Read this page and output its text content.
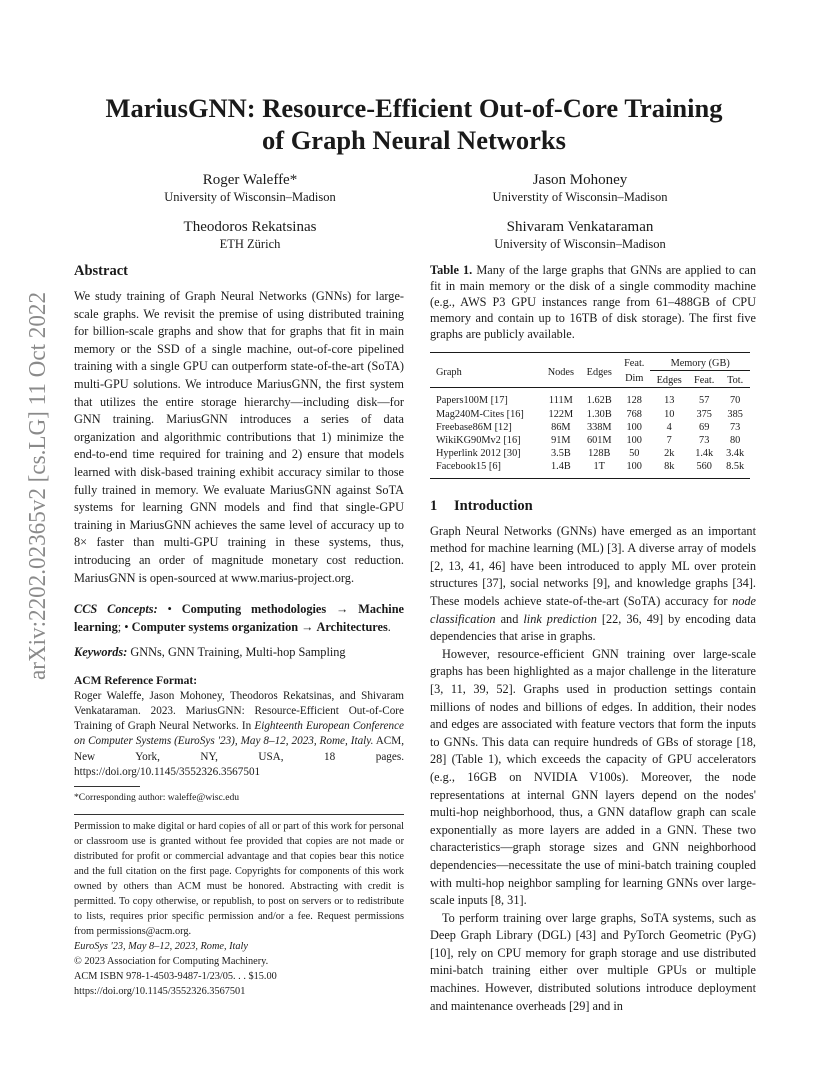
arXiv:2202.02365v2 [cs.LG] 11 Oct 2022
MariusGNN: Resource-Efficient Out-of-Core Training
of Graph Neural Networks
Roger Waleffe*
University of Wisconsin–Madison
Jason Mohoney
Universtity of Wisconsin–Madison
Theodoros Rekatsinas
ETH Zürich
Shivaram Venkataraman
University of Wisconsin–Madison
Abstract

We study training of Graph Neural Networks (GNNs) for large-scale graphs. We revisit the premise of using distributed training for billion-scale graphs and show that for graphs that fit in main memory or the SSD of a single machine, out-of-core pipelined training with a single GPU can outperform state-of-the-art (SoTA) multi-GPU solutions. We introduce MariusGNN, the first system that utilizes the entire storage hierarchy—including disk—for GNN training. MariusGNN introduces a series of data organization and algorithmic contributions that 1) minimize the end-to-end time required for training and 2) ensure that models learned with disk-based training exhibit accuracy similar to those fully trained in memory. We evaluate MariusGNN against SoTA systems for learning GNN models and find that single-GPU training in MariusGNN achieves the same level of accuracy up to 8× faster than multi-GPU training in these systems, thus, introducing an order of magnitude monetary cost reduction. MariusGNN is open-sourced at www.marius-project.org.

CCS Concepts: • Computing methodologies → Machine learning; • Computer systems organization → Architectures.
Keywords: GNNs, GNN Training, Multi-hop Sampling
ACM Reference Format:

Roger Waleffe, Jason Mohoney, Theodoros Rekatsinas, and Shivaram Venkataraman. 2023. MariusGNN: Resource-Efficient Out-of-Core Training of Graph Neural Networks. In Eighteenth European Conference on Computer Systems (EuroSys '23), May 8–12, 2023, Rome, Italy. ACM, New York, NY, USA, 18 pages. https://doi.org/10.1145/3552326.3567501

*Corresponding author: waleffe@wisc.edu
Permission to make digital or hard copies of all or part of this work for personal or classroom use is granted without fee provided that copies are not made or distributed for profit or commercial advantage and that copies bear this notice and the full citation on the first page. Copyrights for components of this work owned by others than ACM must be honored. Abstracting with credit is permitted. To copy otherwise, or republish, to post on servers or to redistribute to lists, requires prior specific permission and/or a fee. Request permissions from permissions@acm.org.
EuroSys '23, May 8–12, 2023, Rome, Italy
© 2023 Association for Computing Machinery.
ACM ISBN 978-1-4503-9487-1/23/05. . . $15.00
https://doi.org/10.1145/3552326.3567501

Table 1. Many of the large graphs that GNNs are applied to can fit in main memory or the disk of a single commodity machine (e.g., AWS P3 GPU instances range from 61–488GB of CPU memory and contain up to 16TB of disk storage). The first five graphs are publicly available.

Graph	Nodes	Edges	Feat.	Memory (GB)		
			Dim	Edges	Feat.	Tot.
Papers100M [17]	111M	1.62B	128	13	57	70
Mag240M-Cites [16]	122M	1.30B	768	10	375	385
Freebase86M [12]	86M	338M	100	4	69	73
WikiKG90Mv2 [16]	91M	601M	100	7	73	80
Hyperlink 2012 [30]	3.5B	128B	50	2k	1.4k	3.4k
Facebook15 [6]	1.4B	1T	100	8k	560	8.5k
1 Introduction

Graph Neural Networks (GNNs) have emerged as an important method for machine learning (ML) [3]. A diverse array of models [2, 13, 41, 46] have been introduced to apply ML over protein structures [37], social networks [9], and knowledge graphs [34]. These models achieve state-of-the-art (SoTA) accuracy for node classification and link prediction [22, 36, 49] by encoding data dependencies that arise in graphs.

However, resource-efficient GNN training over large-scale graphs has been highlighted as a major challenge in the literature [3, 11, 39, 52]. Graphs used in production settings contain millions of nodes and billions of edges. In addition, their nodes and edges are associated with feature vectors that form the inputs to GNNs. This data can require hundreds of GBs of storage [18, 28] (Table 1), which exceeds the capacity of GPU accelerators (e.g., 16GB on NVIDIA V100s). Moreover, the node representations at internal GNN layers depend on the nodes' multi-hop neighborhood, thus, a GNN dataflow graph can scale exponentially as more layers are added in a GNN. These two characteristics—graph storage sizes and GNN neighborhood dependencies—necessitate the use of mini-batch training coupled with multi-hop neighbor sampling for learning GNNs over large-scale inputs [8, 31].

To perform training over large graphs, SoTA systems, such as Deep Graph Library (DGL) [43] and PyTorch Geometric (PyG) [10], rely on CPU memory for graph storage and use distributed mini-batch training either over multiple GPUs or multiple machines. However, distributed solutions introduce deployment and maintenance overheads [29] and in
